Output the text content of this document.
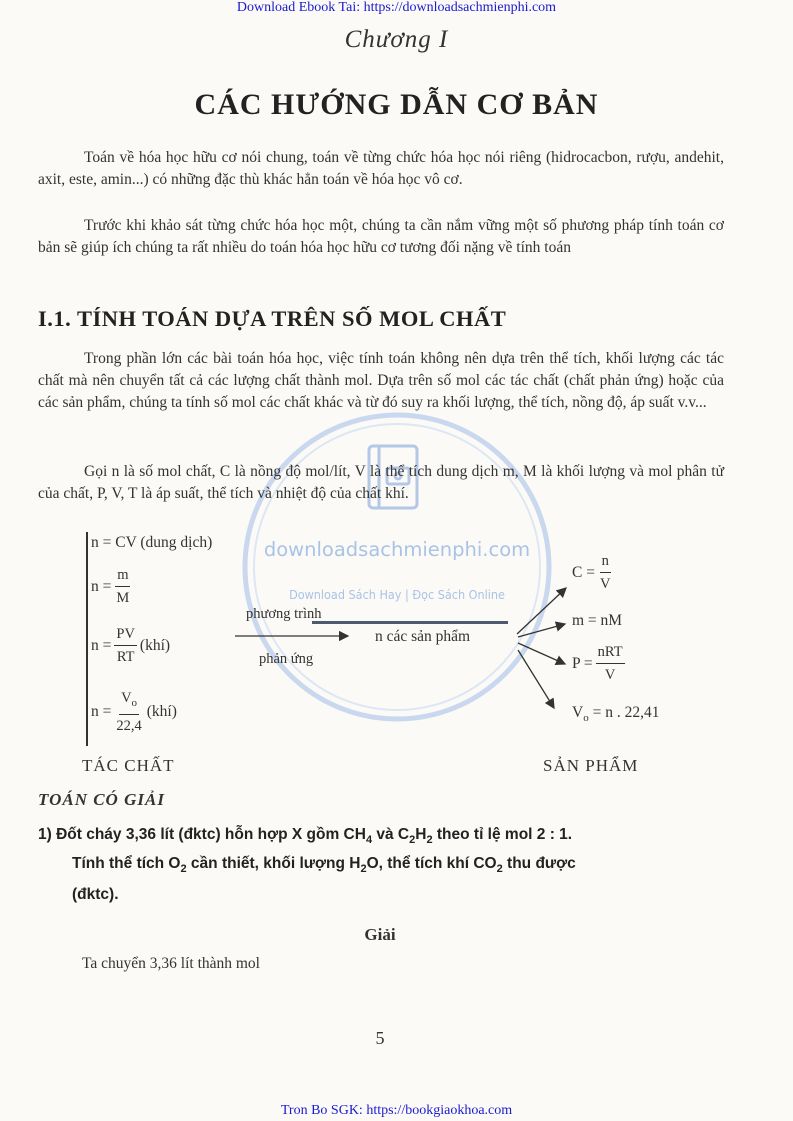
downloadsachmienphi.com
Download Sách Hay | Đọc Sách Online
Download Ebook Tai: https://downloadsachmienphi.com
Chương I
CÁC HƯỚNG DẪN CƠ BẢN
Toán về hóa học hữu cơ nói chung, toán về từng chức hóa học nói riêng (hidrocacbon, rượu, andehit, axit, este, amin...) có những đặc thù khác hẳn toán về hóa học vô cơ.
Trước khi khảo sát từng chức hóa học một, chúng ta cần nắm vững một số phương pháp tính toán cơ bản sẽ giúp ích chúng ta rất nhiều do toán hóa học hữu cơ tương đối nặng về tính toán
I.1. TÍNH TOÁN DỰA TRÊN SỐ MOL CHẤT
Trong phần lớn các bài toán hóa học, việc tính toán không nên dựa trên thể tích, khối lượng các tác chất mà nên chuyển tất cả các lượng chất thành mol. Dựa trên số mol các tác chất (chất phản ứng) hoặc của các sản phẩm, chúng ta tính số mol các chất khác và từ đó suy ra khối lượng, thể tích, nồng độ, áp suất v.v...
Gọi n là số mol chất, C là nồng độ mol/lít, V là thể tích dung dịch m, M là khối lượng và mol phân tử của chất, P, V, T là áp suất, thể tích và nhiệt độ của chất khí.
n = CV (dung dịch)
$n = \frac{m}{M}$
$n = \frac{PV}{RT}$ (khí)
$n = \frac{V_o}{22,4}$ (khí)
phương trình
phản ứng
n các sản phẩm
$C = \frac{n}{V}$
m = nM
$P = \frac{\text{nRT}}{V}$
$V_o = n$ . 22,41
TÁC CHẤT	SẢN PHẨM
TOÁN CÓ GIẢI
1) Đốt cháy 3,36 lít (đktc) hỗn hợp X gồm $CH_4$ và $C_2H_2$ theo tỉ lệ mol 2 : 1.
Tính thể tích $O_2$ cần thiết, khối lượng $H_2O$, thể tích khí $CO_2$ thu được
(đktc).
Giải
Ta chuyển 3,36 lít thành mol
5
Tron Bo SGK: https://bookgiaokhoa.com
